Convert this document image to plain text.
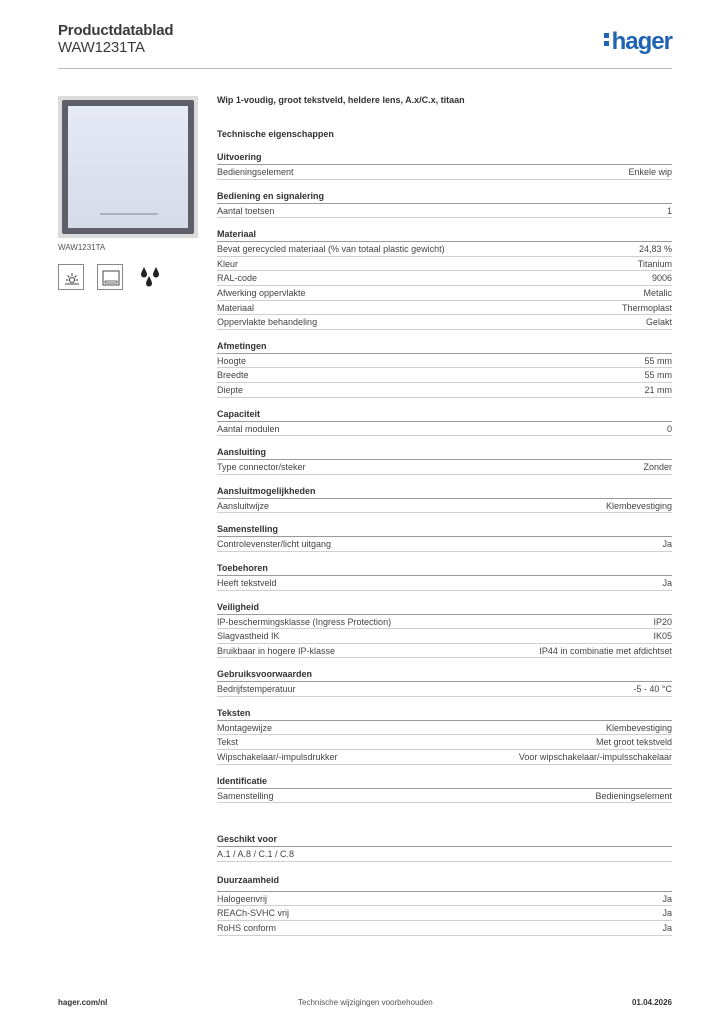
Productdatablad
WAW1231TA	hager
WAW1231TA

Wip 1-voudig, groot tekstveld, heldere lens, A.x/C.x, titaan
Technische eigenschappen
Uitvoering
Bedieningselement	Enkele wip
Bediening en signalering
Aantal toetsen	1
Materiaal
Bevat gerecycled materiaal (% van totaal plastic gewicht)	24,83 %
Kleur	Titanium
RAL-code	9006
Afwerking oppervlakte	Metalic
Materiaal	Thermoplast
Oppervlakte behandeling	Gelakt
Afmetingen
Hoogte	55 mm
Breedte	55 mm
Diepte	21 mm
Capaciteit
Aantal modulen	0
Aansluiting
Type connector/steker	Zonder
Aansluitmogelijkheden
Aansluitwijze	Klembevestiging
Samenstelling
Controlevenster/licht uitgang	Ja
Toebehoren
Heeft tekstveld	Ja
Veiligheid
IP-beschermingsklasse (Ingress Protection)	IP20
Slagvastheid IK	IK05
Bruikbaar in hogere IP-klasse	IP44 in combinatie met afdichtset
Gebruiksvoorwaarden
Bedrijfstemperatuur	-5 - 40 °C
Teksten
Montagewijze	Klembevestiging
Tekst	Met groot tekstveld
Wipschakelaar/-impulsdrukker	Voor wipschakelaar/-impulsschakelaar
Identificatie
Samenstelling	Bedieningselement
Geschikt voor
A.1 / A.8 / C.1 / C.8
Duurzaamheid
Halogeenvrij	Ja
REACh-SVHC vrij	Ja
RoHS conform	Ja
hager.com/nl	Technische wijzigingen voorbehouden	01.04.2026
